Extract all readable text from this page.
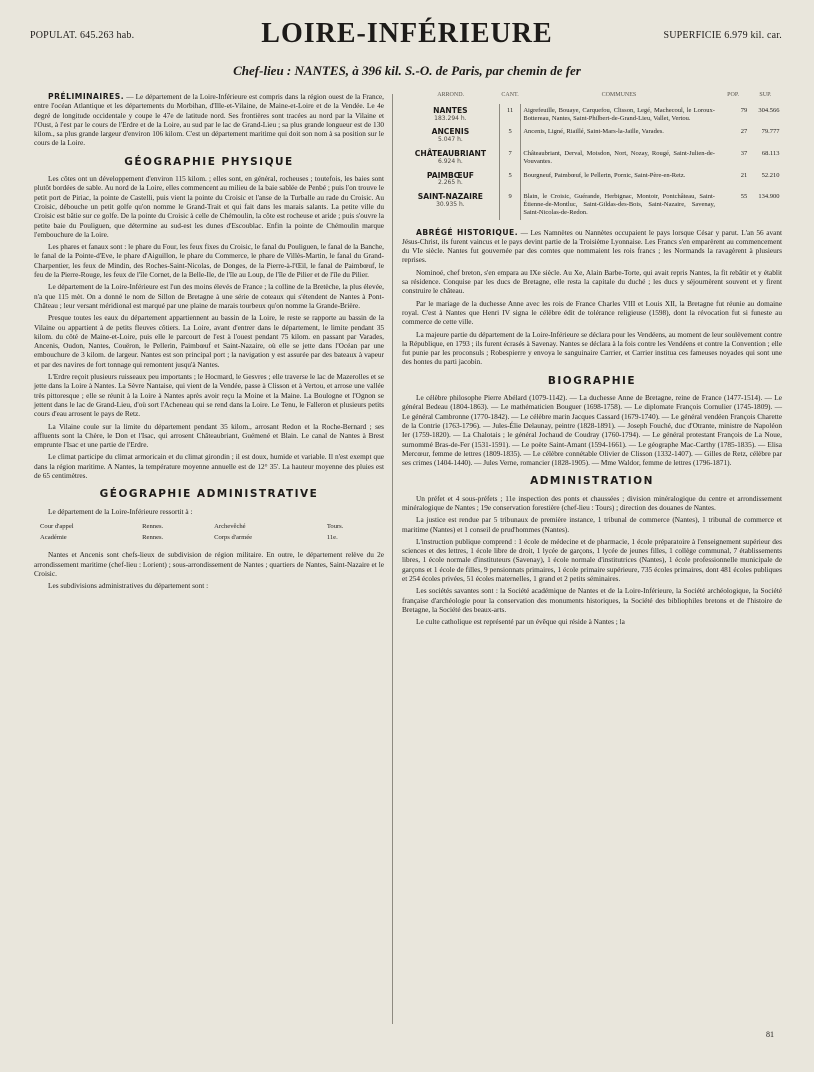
POPULAT. 645.263 hab.	LOIRE-INFÉRIEURE	SUPERFICIE 6.979 kil. car.
Chef-lieu : NANTES, à 396 kil. S.-O. de Paris, par chemin de fer

PRÉLIMINAIRES. — Le département de la Loire-Inférieure est compris dans la région ouest de la France, entre l'océan Atlantique et les départements du Morbihan, d'Ille-et-Vilaine, de Maine-et-Loire et de la Vendée. Le 4e degré de longitude occidentale y coupe le 47e de latitude nord. Ses frontières sont tracées au nord par la Vilaine et l'Oust, à l'est par le cours de l'Erdre et de la Loire, au sud par le lac de Grand-Lieu ; sa plus grande longueur est de 130 kilom., sa plus grande largeur d'environ 106 kilom. C'est un département maritime qui doit son nom à sa position sur le cours de la Loire.

GÉOGRAPHIE PHYSIQUE

Les côtes ont un développement d'environ 115 kilom. ; elles sont, en général, rocheuses ; toutefois, les baies sont plutôt bordées de sable. Au nord de la Loire, elles commencent au milieu de la baie sablée de Penbé ; puis l'on trouve le petit port de Piriac, la pointe de Castelli, puis vient la pointe du Croisic et l'anse de la Turballe au rade du Croisic. Au Croisic, débouche un petit golfe qu'on nomme le Grand-Trait et qui fait dans les marais salants. La petite ville du Croisic est bâtie sur ce golfe. De la pointe du Croisic à celle de Chémoulin, la côte est rocheuse et aride ; puis s'ouvre la petite baie du Pouliguen, que détermine au sud-est les dunes d'Escoublac. Enfin la pointe de Chémoulin marque l'embouchure de la Loire.

Les phares et fanaux sont : le phare du Four, les feux fixes du Croisic, le fanal du Pouliguen, le fanal de la Banche, le fanal de la Pointe-d'Eve, le phare d'Aiguillon, le phare du Commerce, le phare de Villès-Martin, le fanal du Grand-Charpentier, les feux de Mindin, des Roches-Saint-Nicolas, de Donges, de la Pierre-à-l'Œil, le fanal de Paimbœuf, le feu de la Pierre-Rouge, les feux de l'île Cornet, de la Belle-Ile, de l'île au Loup, de l'île de Pilier et de l'île du Pilier.

Le département de la Loire-Inférieure est l'un des moins élevés de France ; la colline de la Bretèche, la plus élevée, n'a que 115 mèt. On a donné le nom de Sillon de Bretagne à une série de coteaux qui s'étendent de Nantes à Pont-Château ; leur versant méridional est marqué par une plaine de marais tourbeux qu'on nomme la Grande-Brière.

Presque toutes les eaux du département appartiennent au bassin de la Loire, le reste se rapporte au bassin de la Vilaine ou appartient à de petits fleuves côtiers. La Loire, avant d'entrer dans le département, le limite pendant 35 kilom. du côté de Maine-et-Loire, puis elle le parcourt de l'est à l'ouest pendant 75 kilom. en passant par Varades, Ancenis, Oudon, Nantes, Couëron, le Pellerin, Paimbœuf et Saint-Nazaire, où elle se jette dans l'Océan par une embouchure de 3 kilom. de largeur. Nantes est son principal port ; la navigation y est assurée par des bateaux à vapeur et par des navires de fort tonnage qui remontent jusqu'à Nantes.

L'Erdre reçoit plusieurs ruisseaux peu importants ; le Hocmard, le Gesvres ; elle traverse le lac de Mazerolles et se jette dans la Loire à Nantes. La Sèvre Nantaise, qui vient de la Vendée, passe à Clisson et à Vertou, et arrose une vallée très pittoresque ; elle se réunit à la Loire à Nantes après avoir reçu la Moine et la Maine. La Boulogne et l'Ognon se jettent dans le lac de Grand-Lieu, d'où sort l'Acheneau qui se rend dans la Loire. Le Tenu, le Falleron et plusieurs petits cours d'eau arrosent le pays de Retz.

La Vilaine coule sur la limite du département pendant 35 kilom., arrosant Redon et la Roche-Bernard ; ses affluents sont la Chère, le Don et l'Isac, qui arrosent Châteaubriant, Guémené et Blain. Le canal de Nantes à Brest emprunte l'Isac et une partie de l'Erdre.

Le climat participe du climat armoricain et du climat girondin ; il est doux, humide et variable. Il n'est exempt que dans la région maritime. A Nantes, la température moyenne annuelle est de 12° 35'. La hauteur moyenne des pluies est de 65 centimètres.

GÉOGRAPHIE ADMINISTRATIVE

Le département de la Loire-Inférieure ressortit à :

Cour d'appel	Rennes.	Archevêché	Tours.
Académie	Rennes.	Corps d'armée	11e.

Nantes et Ancenis sont chefs-lieux de subdivision de région militaire. En outre, le département relève du 2e arrondissement maritime (chef-lieu : Lorient) ; sous-arrondissement de Nantes ; quartiers de Nantes, Saint-Nazaire et le Croisic.

Les subdivisions administratives du département sont :

ARROND.	CANT.	COMMUNES	POP.	SUP.
NANTES
183.294 h.	11	Aigrefeuille, Bouaye, Carquefou, Clisson, Legé, Machecoul, le Loroux-Bottereau, Nantes, Saint-Philbert-de-Grand-Lieu, Vallet, Vertou.	79	304.566
ANCENIS
5.047 h.	5	Ancenis, Ligné, Riaillé, Saint-Mars-la-Jaille, Varades.	27	79.777
CHÂTEAUBRIANT
6.924 h.	7	Châteaubriant, Derval, Moisdon, Nort, Nozay, Rougé, Saint-Julien-de-Vouvantes.	37	68.113
PAIMBŒUF
2.265 h.	5	Bourgneuf, Paimbœuf, le Pellerin, Pornic, Saint-Père-en-Retz.	21	52.210
SAINT-NAZAIRE
30.935 h.	9	Blain, le Croisic, Guérande, Herbignac, Montoir, Pontchâteau, Saint-Étienne-de-Montluc, Saint-Gildas-des-Bois, Saint-Nazaire, Savenay, Saint-Nicolas-de-Redon.	55	134.900

ABRÉGÉ HISTORIQUE. — Les Namnètes ou Nannètes occupaient le pays lorsque César y parut. L'an 56 avant Jésus-Christ, ils furent vaincus et le pays devint partie de la Troisième Lyonnaise. Les Francs s'en emparèrent au commencement du VIe siècle. Nantes fut gouvernée par des comtes que nommaient les rois francs ; les Normands la ravagèrent à plusieurs reprises.

Nominoé, chef breton, s'en empara au IXe siècle. Au Xe, Alain Barbe-Torte, qui avait repris Nantes, la fit rebâtir et y établit sa résidence. Conquise par les ducs de Bretagne, elle resta la capitale du duché ; les ducs y séjournèrent souvent et y firent construire le château.

Par le mariage de la duchesse Anne avec les rois de France Charles VIII et Louis XII, la Bretagne fut réunie au domaine royal. C'est à Nantes que Henri IV signa le célèbre édit de tolérance religieuse (1598), dont la révocation fut si funeste au commerce de cette ville.

La majeure partie du département de la Loire-Inférieure se déclara pour les Vendéens, au moment de leur soulèvement contre la République, en 1793 ; ils furent écrasés à Savenay. Nantes se déclara à la fois contre les Vendéens et contre la Convention ; elle fut punie par les proconsuls ; Robespierre y envoya le sanguinaire Carrier, et Carrier institua ces fameuses noyades qui sont une des hontes du parti jacobin.

BIOGRAPHIE

Le célèbre philosophe Pierre Abélard (1079-1142). — La duchesse Anne de Bretagne, reine de France (1477-1514). — Le général Bedeau (1804-1863). — Le mathématicien Bouguer (1698-1758). — Le diplomate François Cornulier (1745-1809). — Le général Cambronne (1770-1842). — Le célèbre marin Jacques Cassard (1679-1740). — Le général vendéen François Charette de la Contrie (1763-1796). — Jules-Élie Delaunay, peintre (1828-1891). — Joseph Fouché, duc d'Otrante, ministre de Napoléon Ier (1759-1820). — La Chalotais ; le général Jochaud de Coudray (1760-1794). — Le général protestant François de La Noue, surnommé Bras-de-Fer (1531-1591). — Le poète Saint-Amant (1594-1661). — Le géographe Mac-Carthy (1785-1835). — Elisa Mercœur, femme de lettres (1809-1835). — Le célèbre connétable Olivier de Clisson (1332-1407). — Gilles de Retz, célèbre par ses crimes (1404-1440). — Jules Verne, romancier (1828-1905). — Mme Waldor, femme de lettres (1796-1871).

ADMINISTRATION

Un préfet et 4 sous-préfets ; 11e inspection des ponts et chaussées ; division minéralogique du centre et arrondissement minéralogique de Nantes ; 19e conservation forestière (chef-lieu : Tours) ; direction des douanes de Nantes.

La justice est rendue par 5 tribunaux de première instance, 1 tribunal de commerce (Nantes), 1 tribunal de commerce et maritime (Nantes) et 1 conseil de prud'hommes (Nantes).

L'instruction publique comprend : 1 école de médecine et de pharmacie, 1 école préparatoire à l'enseignement supérieur des sciences et des lettres, 1 école libre de droit, 1 lycée de garçons, 1 lycée de jeunes filles, 1 collège communal, 7 établissements libres, 1 école normale d'instituteurs (Savenay), 1 école normale d'institutrices (Nantes), 1 école professionnelle municipale de garçons et 1 école de filles, 9 pensionnats primaires, 1 école primaire supérieure, 735 écoles primaires, dont 481 écoles publiques et 254 écoles privées, 51 écoles maternelles, 1 grand et 2 petits séminaires.

Les sociétés savantes sont : la Société académique de Nantes et de la Loire-Inférieure, la Société archéologique, la Société française d'archéologie pour la conservation des monuments historiques, la Société des bibliophiles bretons et de l'histoire de Bretagne, la Société des beaux-arts.

Le culte catholique est représenté par un évêque qui réside à Nantes ; la

81
